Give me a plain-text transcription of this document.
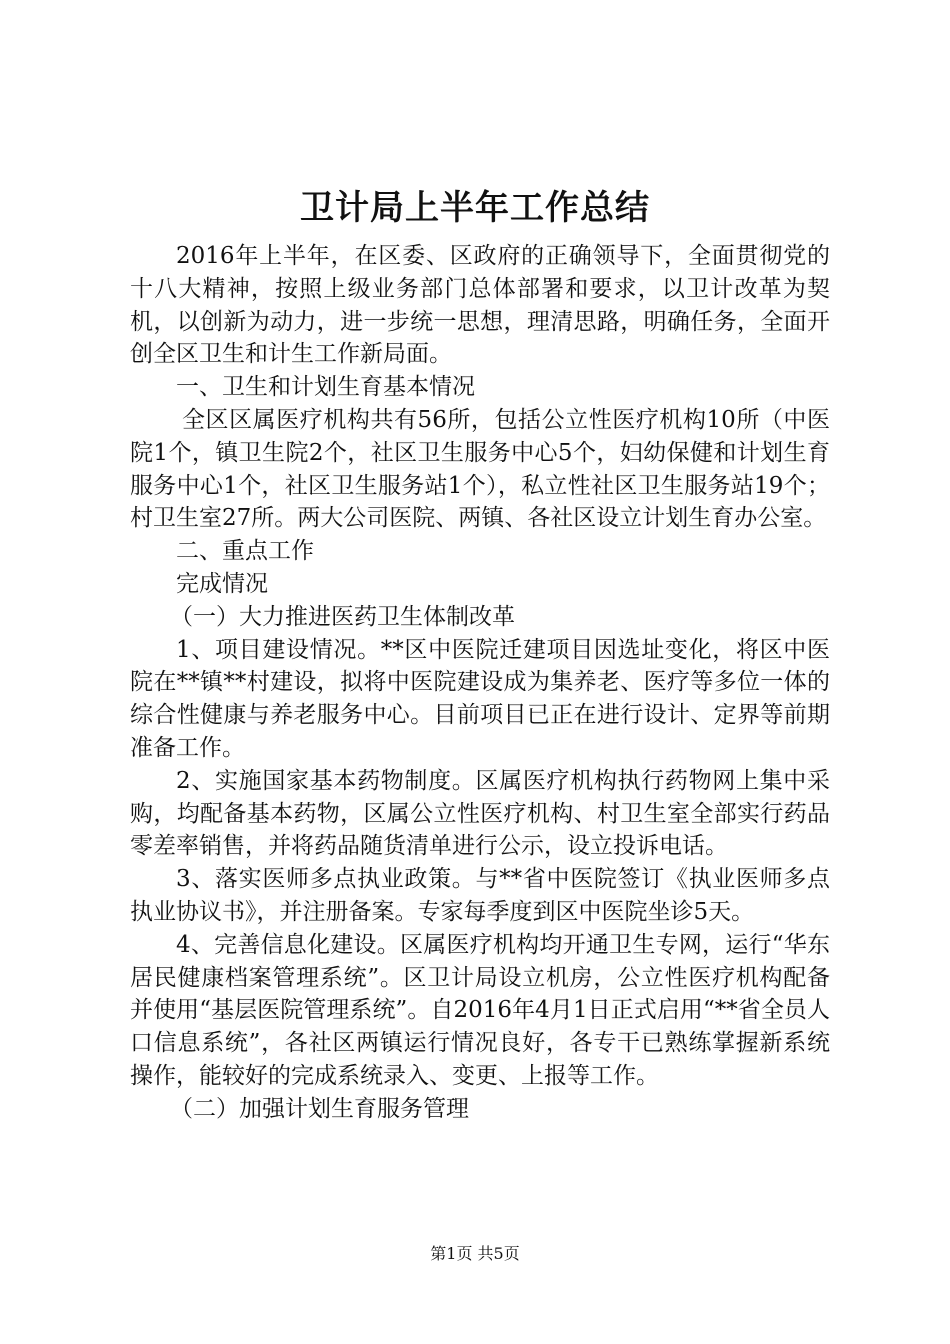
卫计局上半年工作总结

2016年上半年，在区委、区政府的正确领导下，全面贯彻党的十八大精神，按照上级业务部门总体部署和要求，以卫计改革为契机，以创新为动力，进一步统一思想，理清思路，明确任务，全面开创全区卫生和计生工作新局面。

一、卫生和计划生育基本情况

全区区属医疗机构共有56所，包括公立性医疗机构10所（中医院1个，镇卫生院2个，社区卫生服务中心5个，妇幼保健和计划生育服务中心1个，社区卫生服务站1个），私立性社区卫生服务站19个；村卫生室27所。两大公司医院、两镇、各社区设立计划生育办公室。

二、重点工作

完成情况

（一）大力推进医药卫生体制改革

1、项目建设情况。**区中医院迁建项目因选址变化，将区中医院在**镇**村建设，拟将中医院建设成为集养老、医疗等多位一体的综合性健康与养老服务中心。目前项目已正在进行设计、定界等前期准备工作。

2、实施国家基本药物制度。区属医疗机构执行药物网上集中采购，均配备基本药物，区属公立性医疗机构、村卫生室全部实行药品零差率销售，并将药品随货清单进行公示，设立投诉电话。

3、落实医师多点执业政策。与**省中医院签订《执业医师多点执业协议书》，并注册备案。专家每季度到区中医院坐诊5天。

4、完善信息化建设。区属医疗机构均开通卫生专网，运行“华东居民健康档案管理系统”。区卫计局设立机房，公立性医疗机构配备并使用“基层医院管理系统”。自2016年4月1日正式启用“**省全员人口信息系统”，各社区两镇运行情况良好，各专干已熟练掌握新系统操作，能较好的完成系统录入、变更、上报等工作。

（二）加强计划生育服务管理

第1页 共5页
